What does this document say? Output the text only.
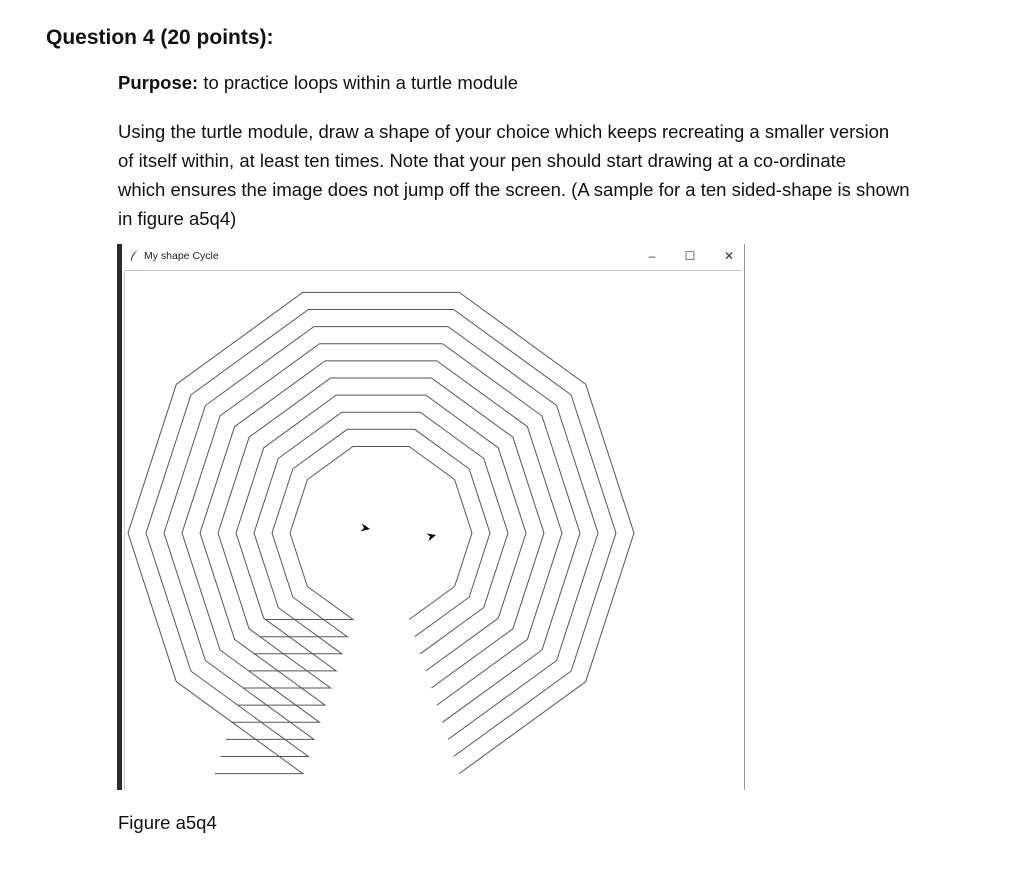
Question 4 (20 points):
Purpose: to practice loops within a turtle module
Using the turtle module, draw a shape of your choice which keeps recreating a smaller version
of itself within, at least ten times. Note that your pen should start drawing at a co-ordinate
which ensures the image does not jump off the screen. (A sample for a ten sided-shape is shown
in figure a5q4)
My shape Cycle	–	☐	✕
Figure a5q4
